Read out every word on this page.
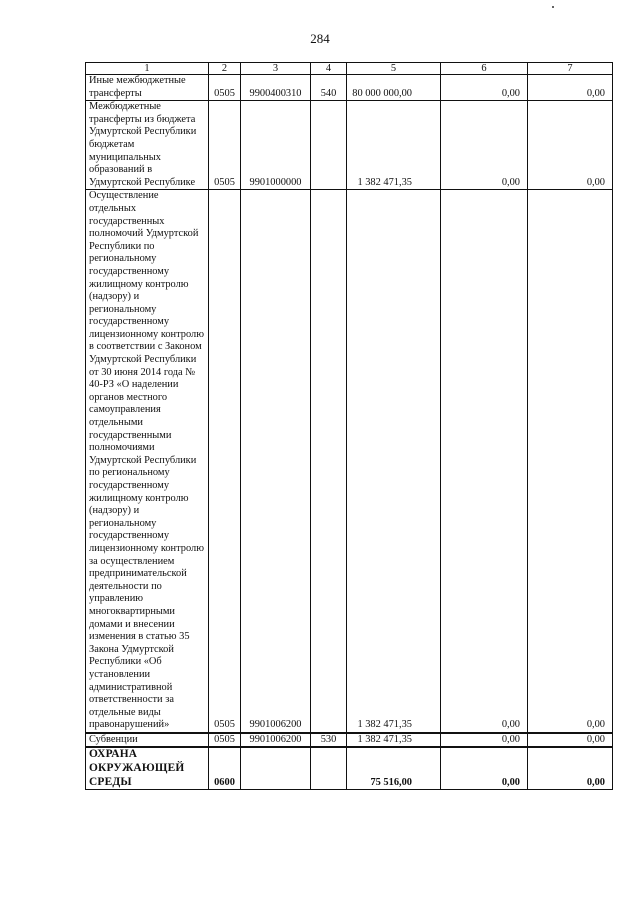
284
1	2	3	4	5	6	7
Иные межбюджетные трансферты	0505	9900400310	540	80 000 000,00	0,00	0,00
Межбюджетные трансферты из бюджета Удмуртской Республики бюджетам муниципальных образований в Удмуртской Республике	0505	9901000000		1 382 471,35	0,00	0,00
Осуществление отдельных государственных полномочий Удмуртской Республики по региональному государственному жилищному контролю (надзору) и региональному государственному лицензионному контролю в соответствии с Законом Удмуртской Республики от 30 июня 2014 года № 40-РЗ «О наделении органов местного самоуправления отдельными государственными полномочиями Удмуртской Республики по региональному государственному жилищному контролю (надзору) и региональному государственному лицензионному контролю за осуществлением предпринимательской деятельности по управлению многоквартирными домами и внесении изменения в статью 35 Закона Удмуртской Республики «Об установлении административной ответственности за отдельные виды правонарушений»	0505	9901006200		1 382 471,35	0,00	0,00
Субвенции	0505	9901006200	530	1 382 471,35	0,00	0,00
ОХРАНА ОКРУЖАЮЩЕЙ СРЕДЫ	0600			75 516,00	0,00	0,00
